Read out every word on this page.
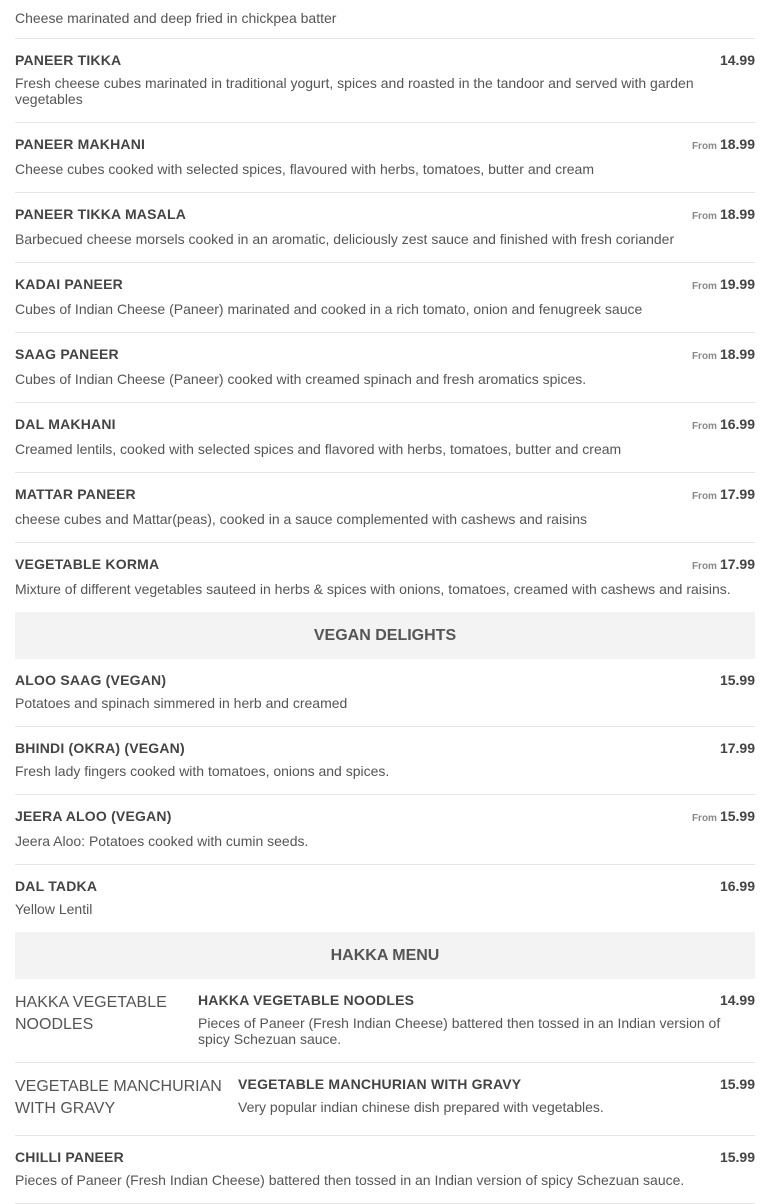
Cheese marinated and deep fried in chickpea batter
PANEER TIKKA	14.99
Fresh cheese cubes marinated in traditional yogurt, spices and roasted in the tandoor and served with garden vegetables
PANEER MAKHANI	From 18.99
Cheese cubes cooked with selected spices, flavoured with herbs, tomatoes, butter and cream
PANEER TIKKA MASALA	From 18.99
Barbecued cheese morsels cooked in an aromatic, deliciously zest sauce and finished with fresh coriander
KADAI PANEER	From 19.99
Cubes of Indian Cheese (Paneer) marinated and cooked in a rich tomato, onion and fenugreek sauce
SAAG PANEER	From 18.99
Cubes of Indian Cheese (Paneer) cooked with creamed spinach and fresh aromatics spices.
DAL MAKHANI	From 16.99
Creamed lentils, cooked with selected spices and flavored with herbs, tomatoes, butter and cream
MATTAR PANEER	From 17.99
cheese cubes and Mattar(peas), cooked in a sauce complemented with cashews and raisins
VEGETABLE KORMA	From 17.99
Mixture of different vegetables sauteed in herbs & spices with onions, tomatoes, creamed with cashews and raisins.
VEGAN DELIGHTS
ALOO SAAG (VEGAN)	15.99
Potatoes and spinach simmered in herb and creamed
BHINDI (OKRA) (VEGAN)	17.99
Fresh lady fingers cooked with tomatoes, onions and spices.
JEERA ALOO (VEGAN)	From 15.99
Jeera Aloo: Potatoes cooked with cumin seeds.
DAL TADKA	16.99
Yellow Lentil
HAKKA MENU
HAKKA VEGETABLE NOODLES
HAKKA VEGETABLE NOODLES	14.99
Pieces of Paneer (Fresh Indian Cheese) battered then tossed in an Indian version of spicy Schezuan sauce.
VEGETABLE MANCHURIAN WITH GRAVY
VEGETABLE MANCHURIAN WITH GRAVY	15.99
Very popular indian chinese dish prepared with vegetables.
CHILLI PANEER	15.99
Pieces of Paneer (Fresh Indian Cheese) battered then tossed in an Indian version of spicy Schezuan sauce.
